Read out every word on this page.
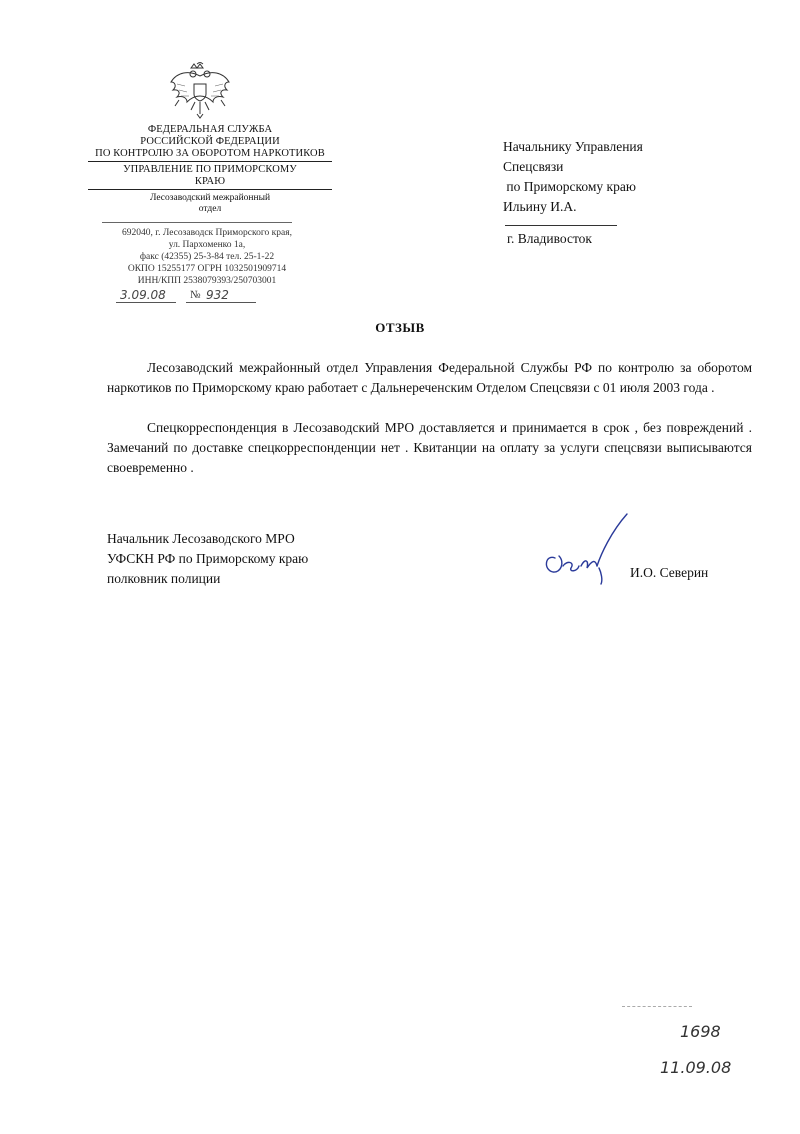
ФЕДЕРАЛЬНАЯ СЛУЖБА
РОССИЙСКОЙ ФЕДЕРАЦИИ
ПО КОНТРОЛЮ ЗА ОБОРОТОМ НАРКОТИКОВ
УПРАВЛЕНИЕ ПО ПРИМОРСКОМУ
КРАЮ
Лесозаводский межрайонный
отдел
692040, г. Лесозаводск Приморского края,
ул. Пархоменко 1а,
факс (42355) 25-3-84 тел. 25-1-22
ОКПО 15255177 ОГРН 1032501909714
ИНН/КПП 2538079393/250703001
3.09.08 № 932
Начальнику Управления
Спецсвязи
по Приморскому краю
Ильину И.А.
г. Владивосток
ОТЗЫВ
Лесозаводский межрайонный отдел Управления Федеральной Службы РФ по контролю за оборотом наркотиков по Приморскому краю работает с Дальнереченским Отделом Спецсвязи с 01 июля 2003 года .
Спецкорреспонденция в Лесозаводский МРО доставляется и принимается в срок , без повреждений . Замечаний по доставке спецкорреспонденции нет . Квитанции на оплату за услуги спецсвязи выписываются своевременно .
Начальник Лесозаводского МРО
УФСКН РФ по Приморскому краю
полковник полиции	И.О. Северин
1698
11.09.08
